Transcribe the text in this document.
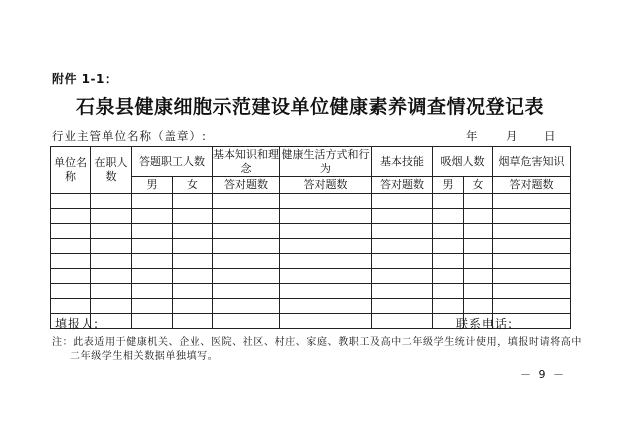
附件 1-1：
石泉县健康细胞示范建设单位健康素养调查情况登记表
行业主管单位名称（盖章）:	年 月 日
单位名称	在职人数	答题职工人数		基本知识和理念	健康生活方式和行为	基本技能	吸烟人数		烟草危害知识
		男	女	答对题数	答对题数	答对题数	男	女	答对题数

填报人:	联系电话:
注：此表适用于健康机关、企业、医院、社区、村庄、家庭、教职工及高中二年级学生统计使用，填报时请将高中
二年级学生相关数据单独填写。
－ 9 －
